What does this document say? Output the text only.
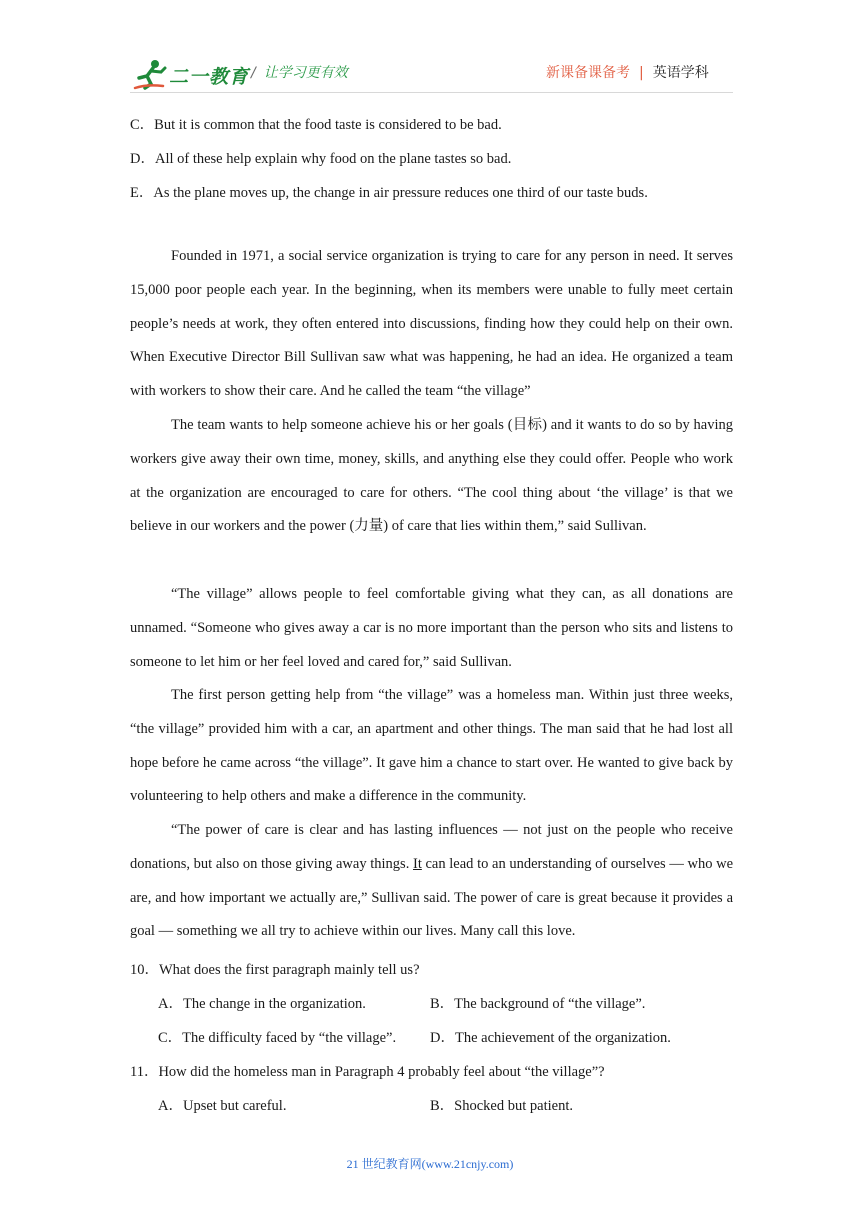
二一教育 / 让学习更有效	新课备课备考 | 英语学科
C．But it is common that the food taste is considered to be bad.
D．All of these help explain why food on the plane tastes so bad.
E．As the plane moves up, the change in air pressure reduces one third of our taste buds.

Founded in 1971, a social service organization is trying to care for any person in need. It serves 15,000 poor people each year. In the beginning, when its members were unable to fully meet certain people’s needs at work, they often entered into discussions, finding how they could help on their own. When Executive Director Bill Sullivan saw what was happening, he had an idea. He organized a team with workers to show their care. And he called the team “the village”

The team wants to help someone achieve his or her goals (目标) and it wants to do so by having workers give away their own time, money, skills, and anything else they could offer. People who work at the organization are encouraged to care for others. “The cool thing about ‘the village’ is that we believe in our workers and the power (力量) of care that lies within them,” said Sullivan.

“The village” allows people to feel comfortable giving what they can, as all donations are unnamed. “Someone who gives away a car is no more important than the person who sits and listens to someone to let him or her feel loved and cared for,” said Sullivan.

The first person getting help from “the village” was a homeless man. Within just three weeks, “the village” provided him with a car, an apartment and other things. The man said that he had lost all hope before he came across “the village”. It gave him a chance to start over. He wanted to give back by volunteering to help others and make a difference in the community.

“The power of care is clear and has lasting influences — not just on the people who receive donations, but also on those giving away things. It can lead to an understanding of ourselves — who we are, and how important we actually are,” Sullivan said. The power of care is great because it provides a goal — something we all try to achieve within our lives. Many call this love.

10．What does the first paragraph mainly tell us?
A．The change in the organization.	B．The background of “the village”.
C．The difficulty faced by “the village”. D．The achievement of the organization.
11．How did the homeless man in Paragraph 4 probably feel about “the village”?
A．Upset but careful.	B．Shocked but patient.
21 世纪教育网(www.21cnjy.com)
